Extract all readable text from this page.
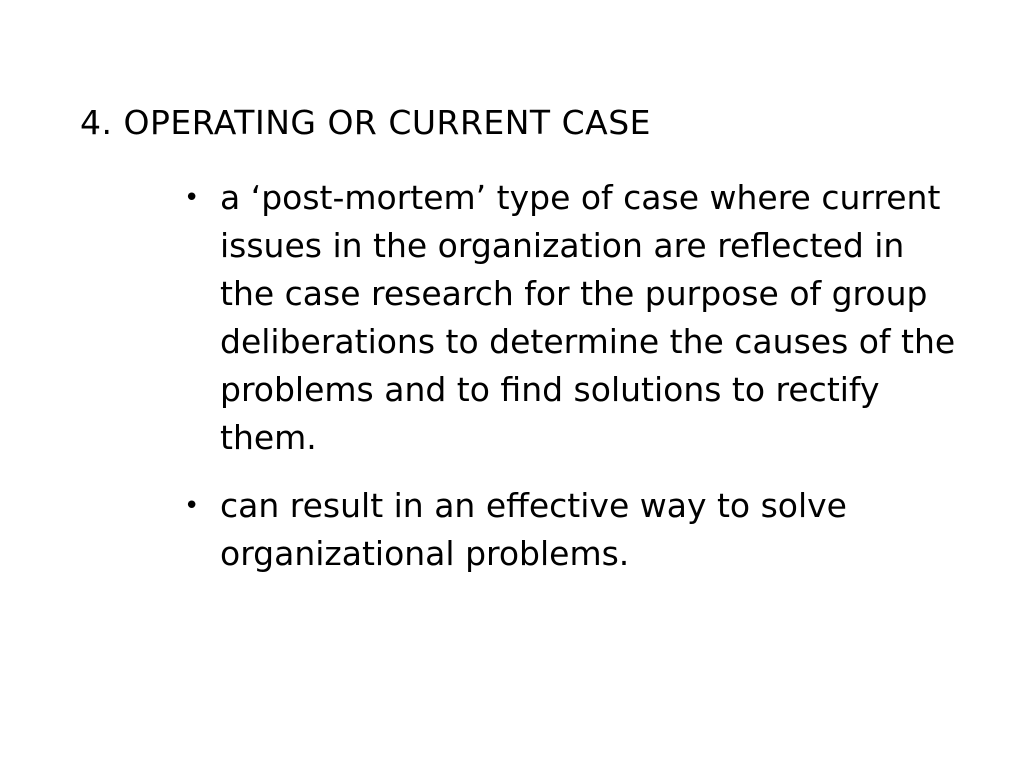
4. OPERATING OR CURRENT CASE
• a ‘post-mortem’ type of case where current issues in the organization are reflected in the case research for the purpose of group deliberations to determine the causes of the problems and to find solutions to rectify them.
• can result in an effective way to solve organizational problems.
